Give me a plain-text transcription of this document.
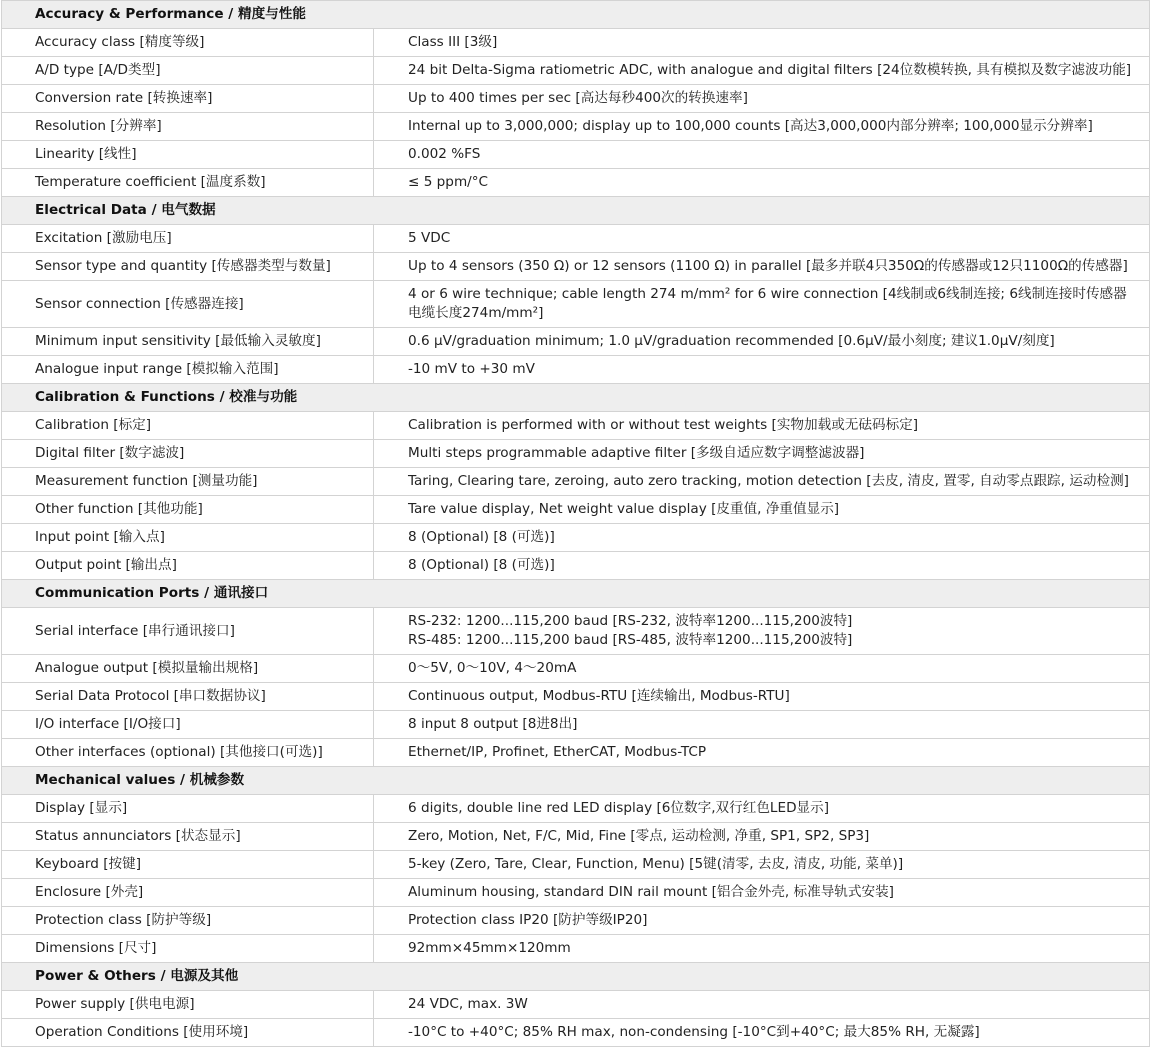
Accuracy & Performance / 精度与性能	
Accuracy class [精度等级]	Class III [3级]
A/D type [A/D类型]	24 bit Delta-Sigma ratiometric ADC, with analogue and digital filters [24位数模转换, 具有模拟及数字滤波功能]
Conversion rate [转换速率]	Up to 400 times per sec [高达每秒400次的转换速率]
Resolution [分辨率]	Internal up to 3,000,000; display up to 100,000 counts [高达3,000,000内部分辨率; 100,000显示分辨率]
Linearity [线性]	0.002 %FS
Temperature coefficient [温度系数]	≤ 5 ppm/°C
Electrical Data / 电气数据	
Excitation [激励电压]	5 VDC
Sensor type and quantity [传感器类型与数量]	Up to 4 sensors (350 Ω) or 12 sensors (1100 Ω) in parallel [最多并联4只350Ω的传感器或12只1100Ω的传感器]
Sensor connection [传感器连接]	4 or 6 wire technique; cable length 274 m/mm² for 6 wire connection [4线制或6线制连接; 6线制连接时传感器电缆长度274m/mm²]
Minimum input sensitivity [最低输入灵敏度]	0.6 µV/graduation minimum; 1.0 µV/graduation recommended [0.6µV/最小刻度; 建议1.0µV/刻度]
Analogue input range [模拟输入范围]	-10 mV to +30 mV
Calibration & Functions / 校准与功能	
Calibration [标定]	Calibration is performed with or without test weights [实物加载或无砝码标定]
Digital filter [数字滤波]	Multi steps programmable adaptive filter [多级自适应数字调整滤波器]
Measurement function [测量功能]	Taring, Clearing tare, zeroing, auto zero tracking, motion detection [去皮, 清皮, 置零, 自动零点跟踪, 运动检测]
Other function [其他功能]	Tare value display, Net weight value display [皮重值, 净重值显示]
Input point [输入点]	8 (Optional) [8 (可选)]
Output point [输出点]	8 (Optional) [8 (可选)]
Communication Ports / 通讯接口	
Serial interface [串行通讯接口]	RS-232: 1200...115,200 baud [RS-232, 波特率1200...115,200波特]
RS-485: 1200...115,200 baud [RS-485, 波特率1200...115,200波特]

Analogue output [模拟量输出规格]	0～5V, 0～10V, 4～20mA
Serial Data Protocol [串口数据协议]	Continuous output, Modbus-RTU [连续输出, Modbus-RTU]
I/O interface [I/O接口]	8 input 8 output [8进8出]
Other interfaces (optional) [其他接口(可选)]	Ethernet/IP, Profinet, EtherCAT, Modbus-TCP
Mechanical values / 机械参数	
Display [显示]	6 digits, double line red LED display [6位数字,双行红色LED显示]
Status annunciators [状态显示]	Zero, Motion, Net, F/C, Mid, Fine [零点, 运动检测, 净重, SP1, SP2, SP3]
Keyboard [按键]	5-key (Zero, Tare, Clear, Function, Menu) [5键(清零, 去皮, 清皮, 功能, 菜单)]
Enclosure [外壳]	Aluminum housing, standard DIN rail mount [铝合金外壳, 标准导轨式安装]
Protection class [防护等级]	Protection class IP20 [防护等级IP20]
Dimensions [尺寸]	92mm×45mm×120mm
Power & Others / 电源及其他	
Power supply [供电电源]	24 VDC, max. 3W
Operation Conditions [使用环境]	-10°C to +40°C; 85% RH max, non-condensing [-10°C到+40°C; 最大85% RH, 无凝露]
